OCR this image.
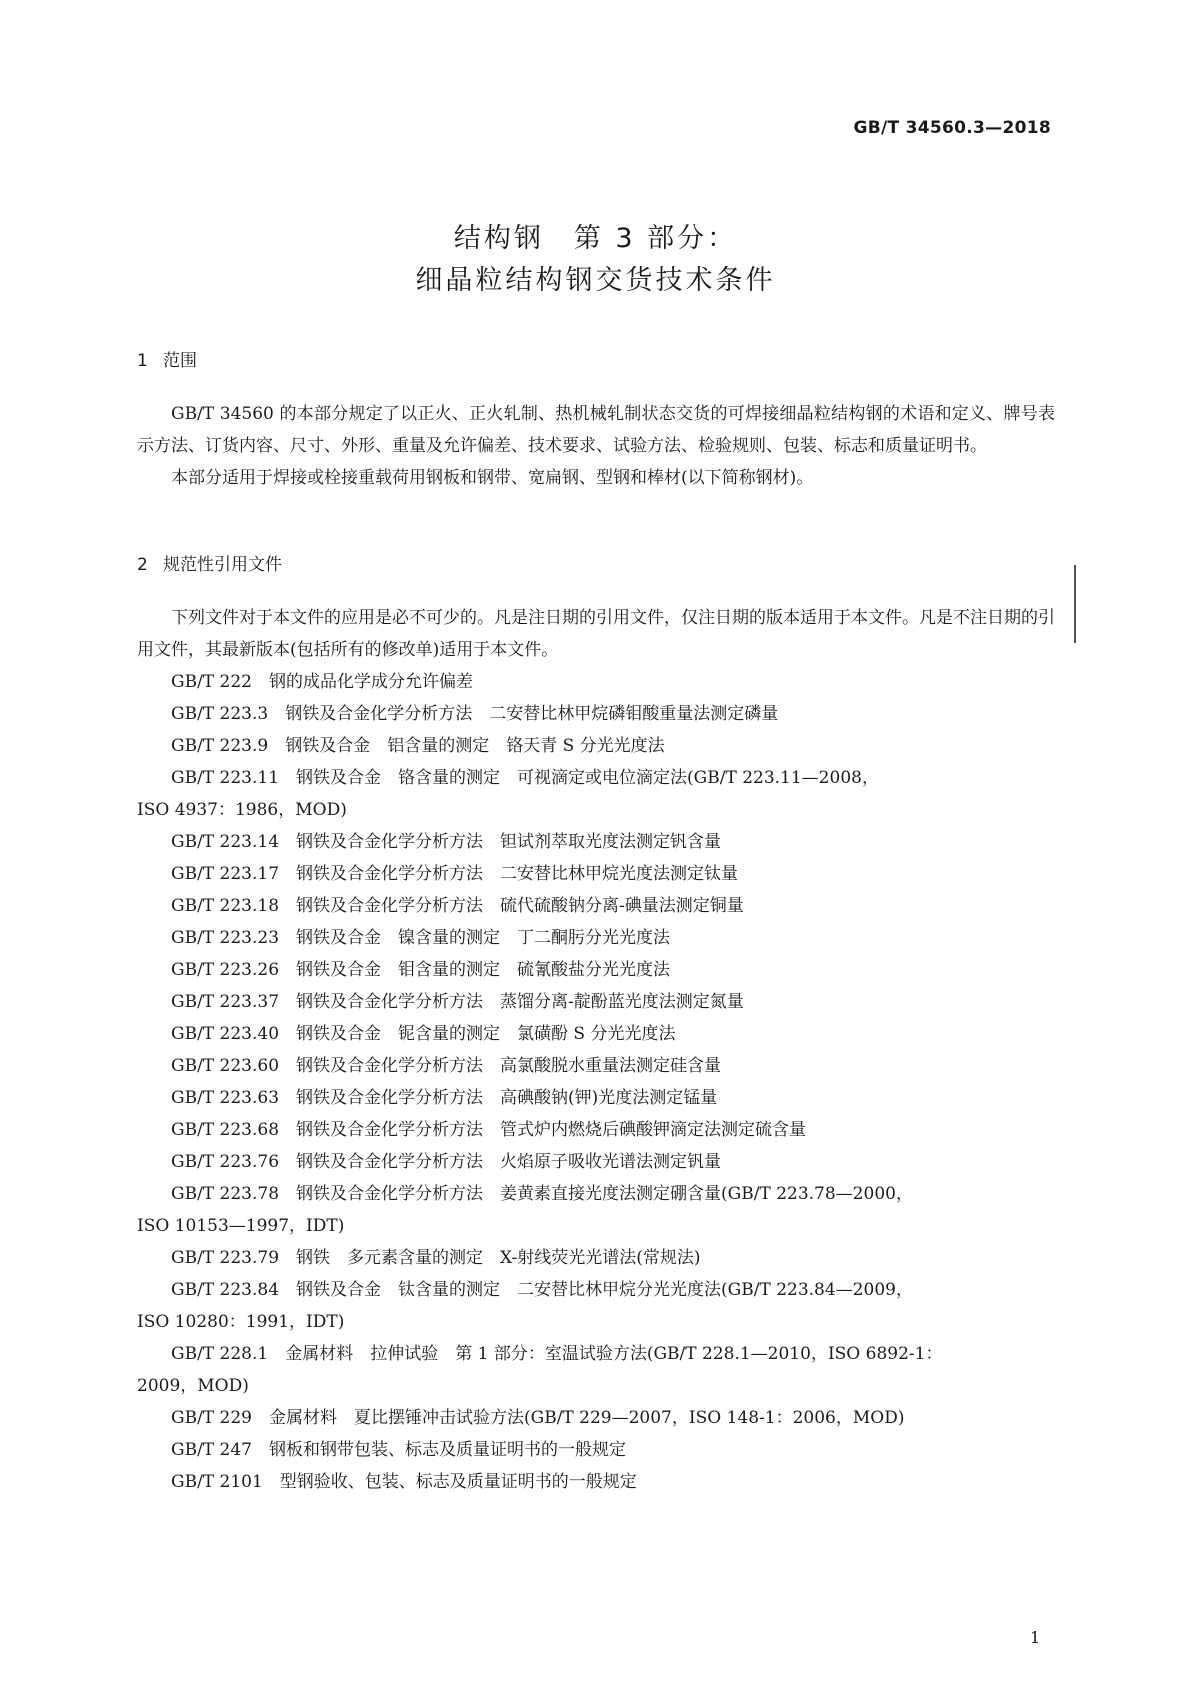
GB/T 34560.3—2018
结构钢　第 3 部分：
细晶粒结构钢交货技术条件
1 范围

GB/T 34560 的本部分规定了以正火、正火轧制、热机械轧制状态交货的可焊接细晶粒结构钢的术语和定义、牌号表示方法、订货内容、尺寸、外形、重量及允许偏差、技术要求、试验方法、检验规则、包装、标志和质量证明书。

本部分适用于焊接或栓接重载荷用钢板和钢带、宽扁钢、型钢和棒材(以下简称钢材)。

2 规范性引用文件

下列文件对于本文件的应用是必不可少的。凡是注日期的引用文件，仅注日期的版本适用于本文件。凡是不注日期的引用文件，其最新版本(包括所有的修改单)适用于本文件。

GB/T 222　钢的成品化学成分允许偏差
GB/T 223.3　钢铁及合金化学分析方法　二安替比林甲烷磷钼酸重量法测定磷量
GB/T 223.9　钢铁及合金　铝含量的测定　铬天青 S 分光光度法
GB/T 223.11　钢铁及合金　铬含量的测定　可视滴定或电位滴定法(GB/T 223.11—2008，
ISO 4937：1986，MOD)
GB/T 223.14　钢铁及合金化学分析方法　钽试剂萃取光度法测定钒含量
GB/T 223.17　钢铁及合金化学分析方法　二安替比林甲烷光度法测定钛量
GB/T 223.18　钢铁及合金化学分析方法　硫代硫酸钠分离-碘量法测定铜量
GB/T 223.23　钢铁及合金　镍含量的测定　丁二酮肟分光光度法
GB/T 223.26　钢铁及合金　钼含量的测定　硫氰酸盐分光光度法
GB/T 223.37　钢铁及合金化学分析方法　蒸馏分离-靛酚蓝光度法测定氮量
GB/T 223.40　钢铁及合金　铌含量的测定　氯磺酚 S 分光光度法
GB/T 223.60　钢铁及合金化学分析方法　高氯酸脱水重量法测定硅含量
GB/T 223.63　钢铁及合金化学分析方法　高碘酸钠(钾)光度法测定锰量
GB/T 223.68　钢铁及合金化学分析方法　管式炉内燃烧后碘酸钾滴定法测定硫含量
GB/T 223.76　钢铁及合金化学分析方法　火焰原子吸收光谱法测定钒量
GB/T 223.78　钢铁及合金化学分析方法　姜黄素直接光度法测定硼含量(GB/T 223.78—2000，
ISO 10153—1997，IDT)
GB/T 223.79　钢铁　多元素含量的测定　X-射线荧光光谱法(常规法)
GB/T 223.84　钢铁及合金　钛含量的测定　二安替比林甲烷分光光度法(GB/T 223.84—2009，
ISO 10280：1991，IDT)
GB/T 228.1　金属材料　拉伸试验　第 1 部分：室温试验方法(GB/T 228.1—2010，ISO 6892-1：
2009，MOD)
GB/T 229　金属材料　夏比摆锤冲击试验方法(GB/T 229—2007，ISO 148-1：2006，MOD)
GB/T 247　钢板和钢带包装、标志及质量证明书的一般规定
GB/T 2101　型钢验收、包装、标志及质量证明书的一般规定
1
